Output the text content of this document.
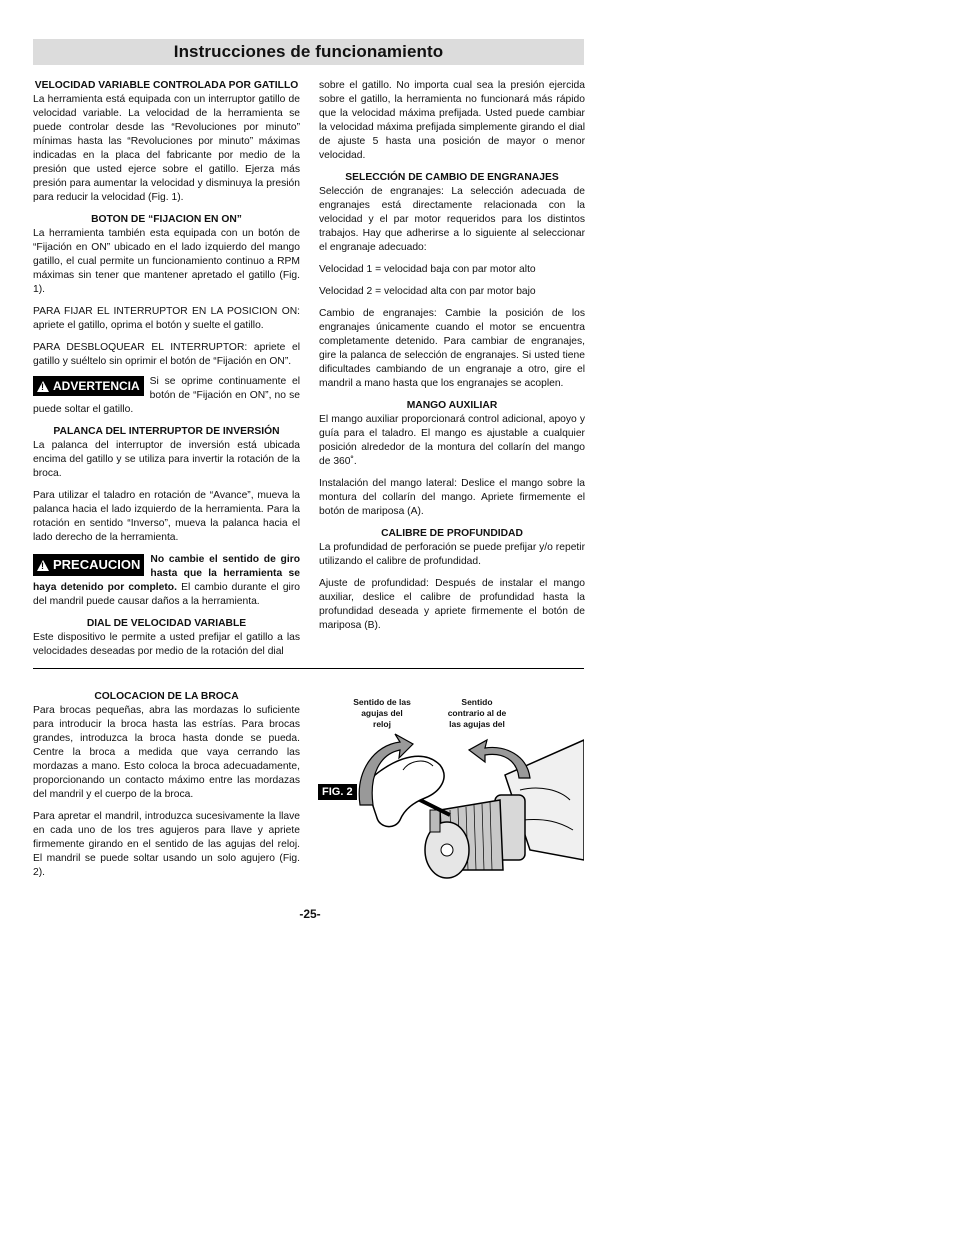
Instrucciones de funcionamiento
VELOCIDAD VARIABLE CONTROLADA POR GATILLO

La herramienta está equipada con un interruptor gatillo de velocidad variable. La velocidad de la herramienta se puede controlar desde las “Revoluciones por minuto” mínimas hasta las “Revoluciones por minuto” máximas indicadas en la placa del fabricante por medio de la presión que usted ejerce sobre el gatillo. Ejerza más presión para aumentar la velocidad y disminuya la presión para reducir la velocidad (Fig. 1).

BOTON DE “FIJACION EN ON”

La herramienta también esta equipada con un botón de “Fijación en ON” ubicado en el lado izquierdo del mango gatillo, el cual permite un funcionamiento continuo a RPM máximas sin tener que mantener apretado el gatillo (Fig. 1).

PARA FIJAR EL INTERRUPTOR EN LA POSICION ON: apriete el gatillo, oprima el botón y suelte el gatillo.

PARA DESBLOQUEAR EL INTERRUPTOR: apriete el gatillo y suéltelo sin oprimir el botón de “Fijación en ON”.

! ADVERTENCIA Si se oprime continuamente el botón de “Fijación en ON”, no se puede soltar el gatillo.

PALANCA DEL INTERRUPTOR DE INVERSIÓN

La palanca del interruptor de inversión está ubicada encima del gatillo y se utiliza para invertir la rotación de la broca.

Para utilizar el taladro en rotación de “Avance”, mueva la palanca hacia el lado izquierdo de la herramienta. Para la rotación en sentido “Inverso”, mueva la palanca hacia el lado derecho de la herramienta.

! PRECAUCION No cambie el sentido de giro hasta que la herramienta se haya detenido por completo. El cambio durante el giro del mandril puede causar daños a la herramienta.

DIAL DE VELOCIDAD VARIABLE

Este dispositivo le permite a usted prefijar el gatillo a las velocidades deseadas por medio de la rotación del dial

sobre el gatillo. No importa cual sea la presión ejercida sobre el gatillo, la herramienta no funcionará más rápido que la velocidad máxima prefijada. Usted puede cambiar la velocidad máxima prefijada simplemente girando el dial de ajuste 5 hasta una posición de mayor o menor velocidad.

SELECCIÓN DE CAMBIO DE ENGRANAJES

Selección de engranajes: La selección adecuada de engranajes está directamente relacionada con la velocidad y el par motor requeridos para los distintos trabajos. Hay que adherirse a lo siguiente al seleccionar el engranaje adecuado:

Velocidad 1 = velocidad baja con par motor alto

Velocidad 2 = velocidad alta con par motor bajo

Cambio de engranajes: Cambie la posición de los engranajes únicamente cuando el motor se encuentra completamente detenido. Para cambiar de engranajes, gire la palanca de selección de engranajes. Si usted tiene dificultades cambiando de un engranaje a otro, gire el mandril a mano hasta que los engranajes se acoplen.

MANGO AUXILIAR

El mango auxiliar proporcionará control adicional, apoyo y guía para el taladro. El mango es ajustable a cualquier posición alrededor de la montura del collarín del mango de 360˚.

Instalación del mango lateral: Deslice el mango sobre la montura del collarín del mango. Apriete firmemente el botón de mariposa (A).

CALIBRE DE PROFUNDIDAD

La profundidad de perforación se puede prefijar y/o repetir utilizando el calibre de profundidad.

Ajuste de profundidad: Después de instalar el mango auxiliar, deslice el calibre de profundidad hasta la profundidad deseada y apriete firmemente el botón de mariposa (B).

COLOCACION DE LA BROCA

Para brocas pequeñas, abra las mordazas lo suficiente para introducir la broca hasta las estrías. Para brocas grandes, introduzca la broca hasta donde se pueda. Centre la broca a medida que vaya cerrando las mordazas a mano. Esto coloca la broca adecuadamente, proporcionando un contacto máximo entre las mordazas del mandril y el cuerpo de la broca.

Para apretar el mandril, introduzca sucesivamente la llave en cada uno de los tres agujeros para llave y apriete firmemente girando en el sentido de las agujas del reloj. El mandril se puede soltar usando un solo agujero (Fig. 2).

Sentido de las
agujas del
reloj
Sentido
contrario al de
las agujas del
FIG. 2
-25-
